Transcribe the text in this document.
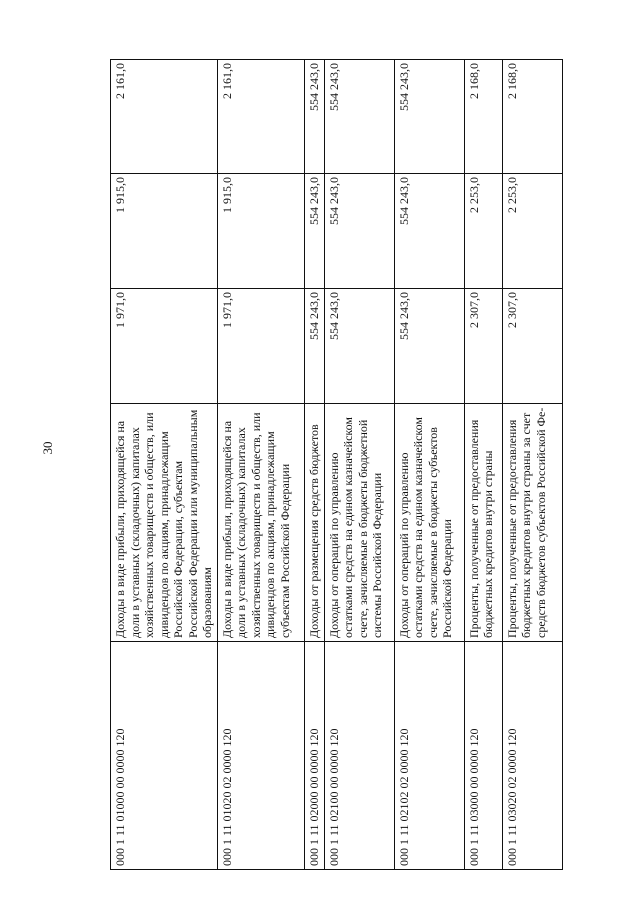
30
000 1 11 01000 00 0000 120	Доходы в виде прибыли, приходящейся на доли в уставных (складочных) капиталах хозяйственных товариществ и обществ, или дивидендов по акциям, принадлежащим Российской Федерации, субъектам Российской Федерации или муниципальным образованиям	1 971,0	1 915,0	2 161,0
000 1 11 01020 02 0000 120	Доходы в виде прибыли, приходящейся на доли в уставных (складочных) капиталах хозяйственных товариществ и обществ, или дивидендов по акциям, принадлежащим субъектам Российской Федерации	1 971,0	1 915,0	2 161,0
000 1 11 02000 00 0000 120	Доходы от размещения средств бюджетов	554 243,0	554 243,0	554 243,0
000 1 11 02100 00 0000 120	Доходы от операций по управлению остатками средств на едином казначейском счете, зачисляемые в бюджеты бюджетной системы Российской Федерации	554 243,0	554 243,0	554 243,0
000 1 11 02102 02 0000 120	Доходы от операций по управлению остатками средств на едином казначейском счете, зачисляемые в бюджеты субъектов Российской Федерации	554 243,0	554 243,0	554 243,0
000 1 11 03000 00 0000 120	Проценты, полученные от предоставления бюджетных кредитов внутри страны	2 307,0	2 253,0	2 168,0
000 1 11 03020 02 0000 120	Проценты, полученные от предоставления бюджетных кредитов внутри страны за счет средств бюджетов субъектов Российской Фе-	2 307,0	2 253,0	2 168,0
